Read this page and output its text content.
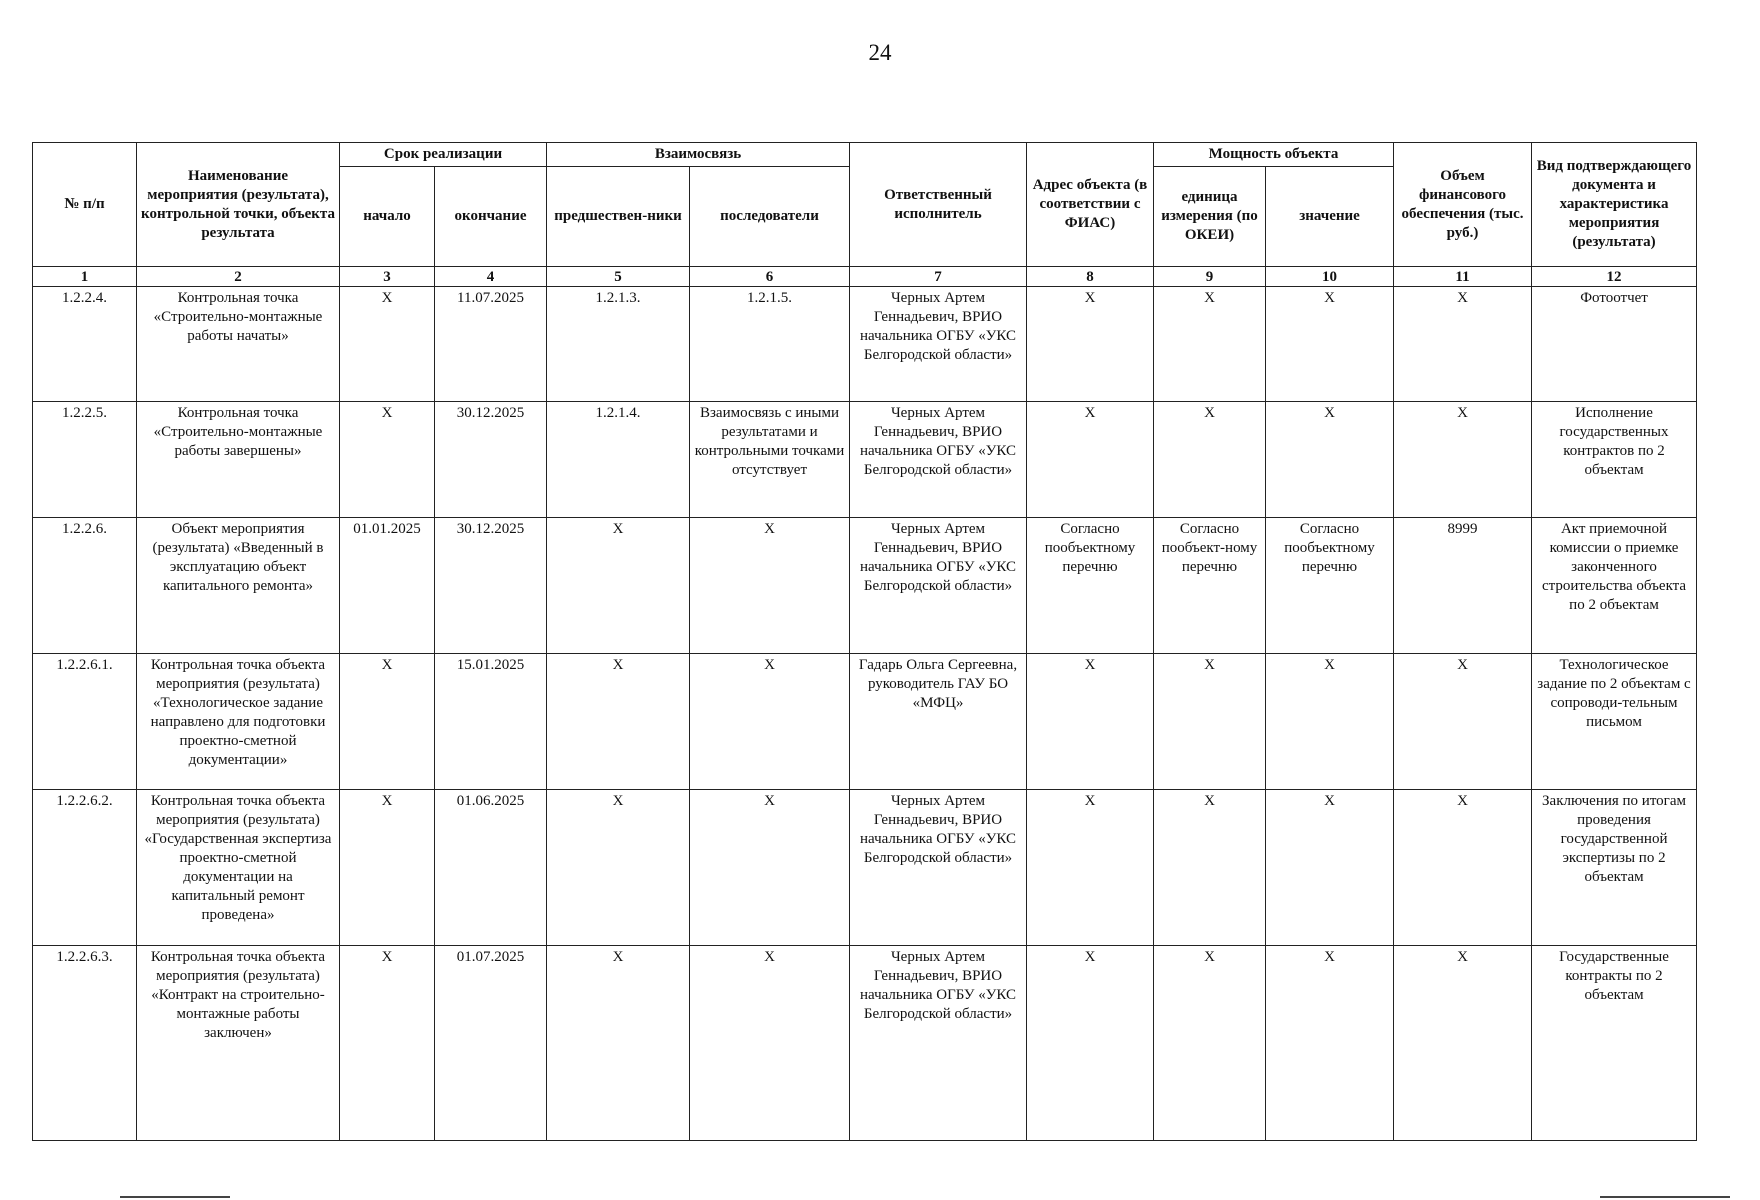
24
№ п/п	Наименование мероприятия (результата), контрольной точки, объекта результата	Срок реализации		Взаимосвязь		Ответственный исполнитель	Адрес объекта (в соответствии с ФИАС)	Мощность объекта		Объем финансового обеспечения (тыс. руб.)	Вид подтверждающего документа и характеристика мероприятия (результата)
		начало	окончание	предшествен-ники	последователи			единица измерения (по ОКЕИ)	значение		
1	2	3	4	5	6	7	8	9	10	11	12
1.2.2.4.	Контрольная точка «Строительно-монтажные работы начаты»	X	11.07.2025	1.2.1.3.	1.2.1.5.	Черных Артем Геннадьевич, ВРИО начальника ОГБУ «УКС Белгородской области»	X	X	X	X	Фотоотчет
1.2.2.5.	Контрольная точка «Строительно-монтажные работы завершены»	X	30.12.2025	1.2.1.4.	Взаимосвязь с иными результатами и контрольными точками отсутствует	Черных Артем Геннадьевич, ВРИО начальника ОГБУ «УКС Белгородской области»	X	X	X	X	Исполнение государственных контрактов по 2 объектам
1.2.2.6.	Объект мероприятия (результата) «Введенный в эксплуатацию объект капитального ремонта»	01.01.2025	30.12.2025	X	X	Черных Артем Геннадьевич, ВРИО начальника ОГБУ «УКС Белгородской области»	Согласно пообъектному перечню	Согласно пообъект-ному перечню	Согласно пообъектному перечню	8999	Акт приемочной комиссии о приемке законченного строительства объекта по 2 объектам
1.2.2.6.1.	Контрольная точка объекта мероприятия (результата) «Технологическое задание направлено для подготовки проектно-сметной документации»	X	15.01.2025	X	X	Гадарь Ольга Сергеевна, руководитель ГАУ БО «МФЦ»	X	X	X	X	Технологическое задание по 2 объектам с сопроводи-тельным письмом
1.2.2.6.2.	Контрольная точка объекта мероприятия (результата) «Государственная экспертиза проектно-сметной документации на капитальный ремонт проведена»	X	01.06.2025	X	X	Черных Артем Геннадьевич, ВРИО начальника ОГБУ «УКС Белгородской области»	X	X	X	X	Заключения по итогам проведения государственной экспертизы по 2 объектам
1.2.2.6.3.	Контрольная точка объекта мероприятия (результата) «Контракт на строительно-монтажные работы заключен»	X	01.07.2025	X	X	Черных Артем Геннадьевич, ВРИО начальника ОГБУ «УКС Белгородской области»	X	X	X	X	Государственные контракты по 2 объектам
